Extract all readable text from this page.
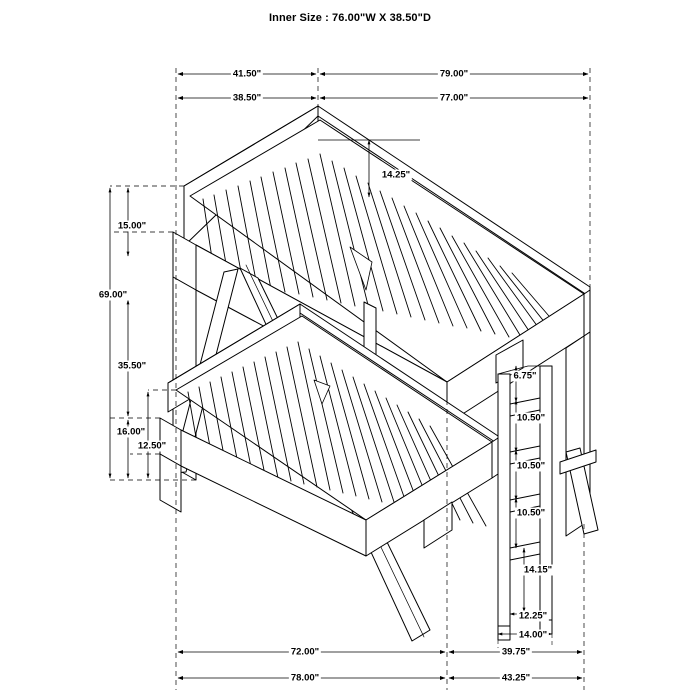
Inner Size : 76.00"W X 38.50"D
41.50"	79.00"
38.50"	77.00"
14.25"
15.00"
69.00"
35.50"
16.00"
12.50"
6.75"
10.50"
10.50"
10.50"
14.15"
12.25"
14.00"
72.00"	39.75"
78.00"	43.25"
